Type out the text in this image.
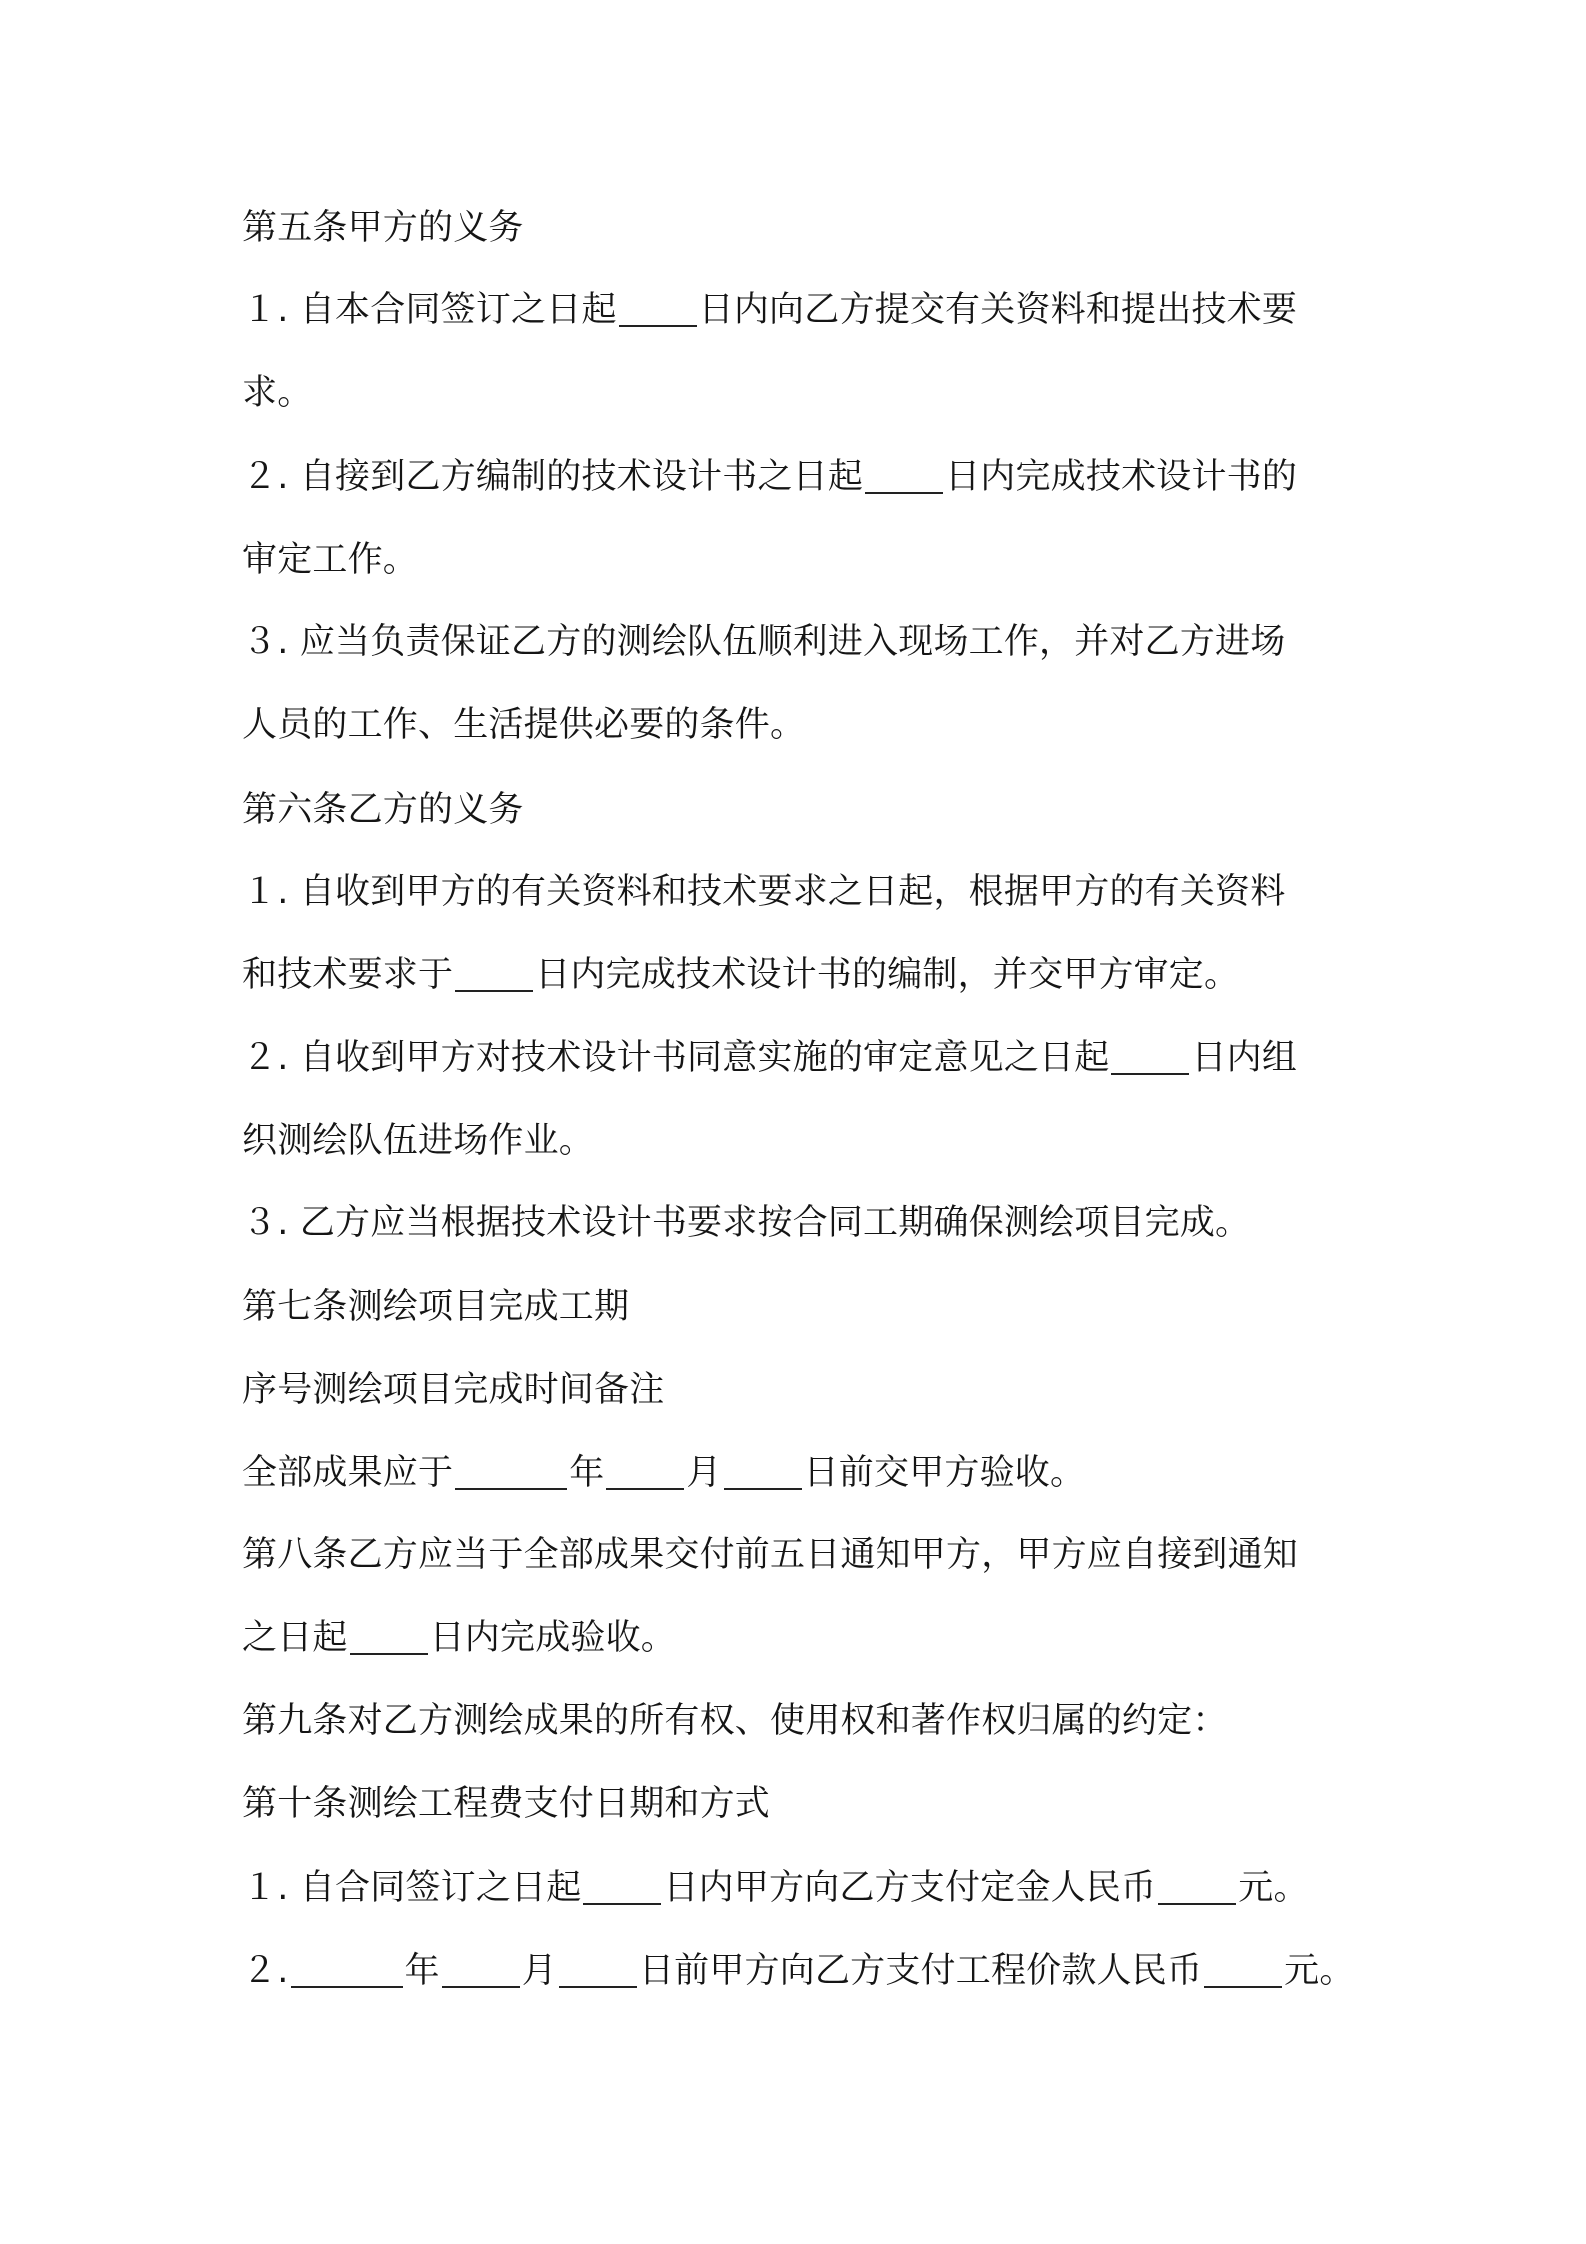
第五条甲方的义务
１. 自本合同签订之日起 日内向乙方提交有关资料和提出技术要
求。
２. 自接到乙方编制的技术设计书之日起 日内完成技术设计书的
审定工作。
３. 应当负责保证乙方的测绘队伍顺利进入现场工作，并对乙方进场
人员的工作、生活提供必要的条件。
第六条乙方的义务
１. 自收到甲方的有关资料和技术要求之日起，根据甲方的有关资料
和技术要求于 日内完成技术设计书的编制，并交甲方审定。
２. 自收到甲方对技术设计书同意实施的审定意见之日起 日内组
织测绘队伍进场作业。
３. 乙方应当根据技术设计书要求按合同工期确保测绘项目完成。
第七条测绘项目完成工期
序号测绘项目完成时间备注
全部成果应于	年 月 日前交甲方验收。
第八条乙方应当于全部成果交付前五日通知甲方，甲方应自接到通知
之日起 日内完成验收。
第九条对乙方测绘成果的所有权、使用权和著作权归属的约定：
第十条测绘工程费支付日期和方式
１. 自合同签订之日起 日内甲方向乙方支付定金人民币 元。
２.	年 月 日前甲方向乙方支付工程价款人民币 元。
